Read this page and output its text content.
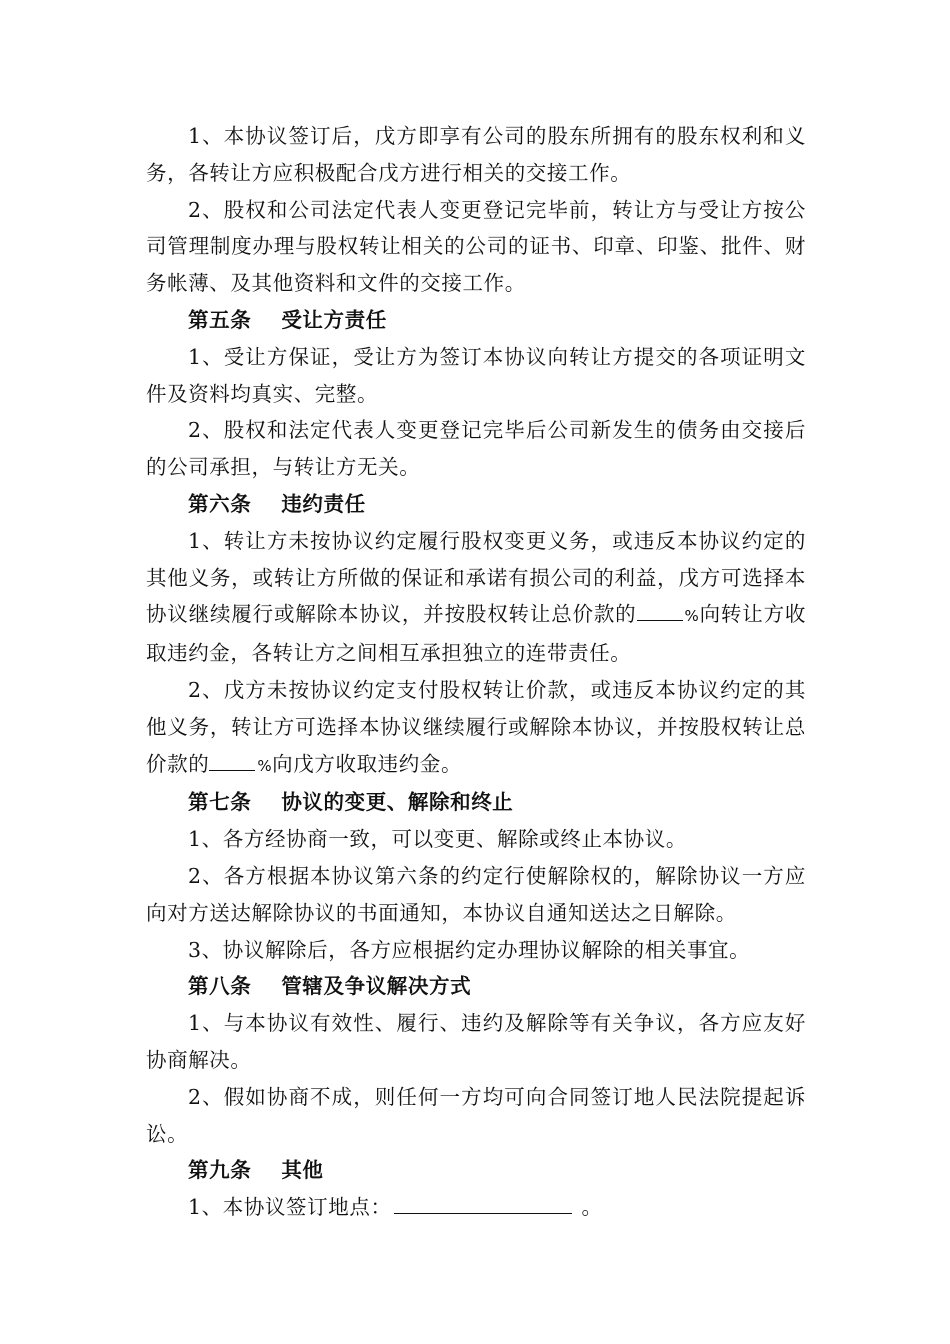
1、本协议签订后，戊方即享有公司的股东所拥有的股东权利和义务，各转让方应积极配合戊方进行相关的交接工作。

2、股权和公司法定代表人变更登记完毕前，转让方与受让方按公司管理制度办理与股权转让相关的公司的证书、印章、印鉴、批件、财务帐薄、及其他资料和文件的交接工作。

第五条 受让方责任

1、受让方保证，受让方为签订本协议向转让方提交的各项证明文件及资料均真实、完整。

2、股权和法定代表人变更登记完毕后公司新发生的债务由交接后的公司承担，与转让方无关。

第六条 违约责任

1、转让方未按协议约定履行股权变更义务，或违反本协议约定的其他义务，或转让方所做的保证和承诺有损公司的利益，戊方可选择本协议继续履行或解除本协议，并按股权转让总价款的	%向转让方收取违约金，各转让方之间相互承担独立的连带责任。

2、戊方未按协议约定支付股权转让价款，或违反本协议约定的其他义务，转让方可选择本协议继续履行或解除本协议，并按股权转让总价款的	%向戊方收取违约金。

第七条 协议的变更、解除和终止

1、各方经协商一致，可以变更、解除或终止本协议。

2、各方根据本协议第六条的约定行使解除权的，解除协议一方应向对方送达解除协议的书面通知，本协议自通知送达之日解除。

3、协议解除后，各方应根据约定办理协议解除的相关事宜。

第八条 管辖及争议解决方式

1、与本协议有效性、履行、违约及解除等有关争议，各方应友好协商解决。

2、假如协商不成，则任何一方均可向合同签订地人民法院提起诉讼。

第九条 其他

1、本协议签订地点：	。
